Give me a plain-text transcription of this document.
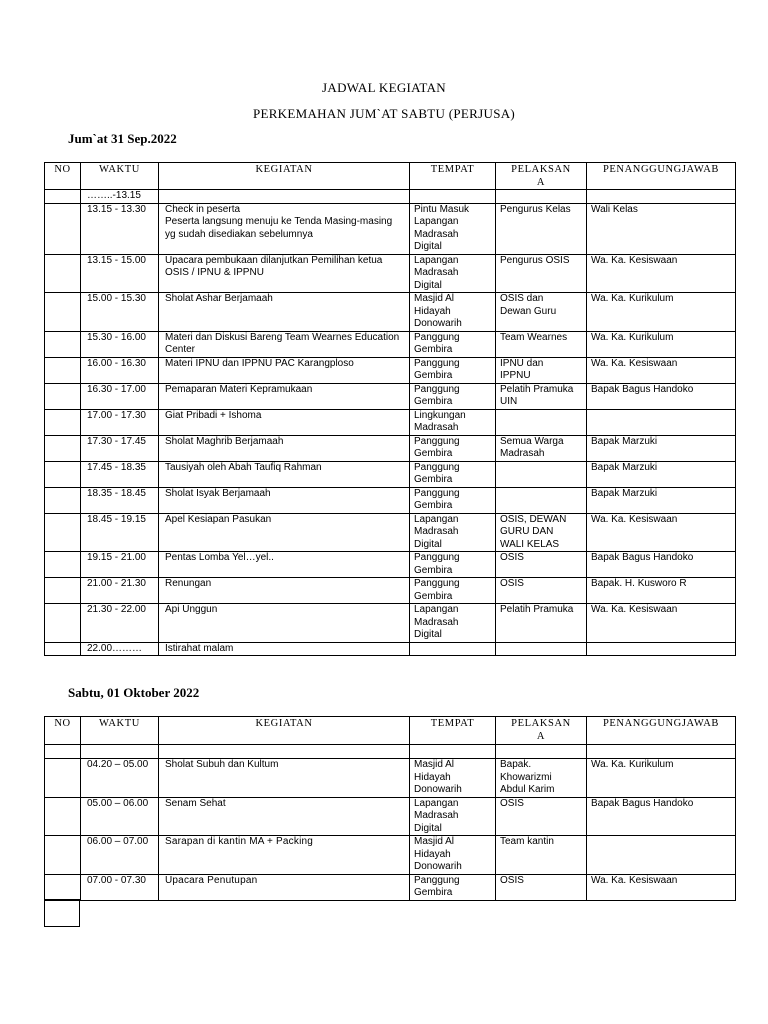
JADWAL KEGIATAN
PERKEMAHAN JUM`AT SABTU (PERJUSA)
Jum`at 31 Sep.2022
NO	WAKTU	KEGIATAN	TEMPAT	PELAKSAN
A	PENANGGUNGJAWAB
	……..-13.15				
	13.15 - 13.30	Check in peserta
Peserta langsung menuju ke Tenda Masing-masing yg sudah disediakan sebelumnya	Pintu Masuk
Lapangan
Madrasah
Digital	Pengurus Kelas	Wali Kelas
	13.15 - 15.00	Upacara pembukaan dilanjutkan Pemilihan ketua OSIS / IPNU & IPPNU	Lapangan
Madrasah
Digital	Pengurus OSIS	Wa. Ka. Kesiswaan
	15.00 - 15.30	Sholat Ashar Berjamaah	Masjid Al
Hidayah
Donowarih	OSIS dan
Dewan Guru	Wa. Ka. Kurikulum
	15.30 - 16.00	Materi dan Diskusi Bareng Team Wearnes Education Center	Panggung
Gembira	Team Wearnes	Wa. Ka. Kurikulum
	16.00 - 16.30	Materi IPNU dan IPPNU PAC Karangploso	Panggung
Gembira	IPNU dan
IPPNU	Wa. Ka. Kesiswaan
	16.30 - 17.00	Pemaparan Materi Kepramukaan	Panggung
Gembira	Pelatih Pramuka
UIN	Bapak Bagus Handoko
	17.00 - 17.30	Giat Pribadi + Ishoma	Lingkungan
Madrasah		
	17.30 - 17.45	Sholat Maghrib Berjamaah	Panggung
Gembira	Semua Warga
Madrasah	Bapak Marzuki
	17.45 - 18.35	Tausiyah oleh Abah Taufiq Rahman	Panggung
Gembira		Bapak Marzuki
	18.35 - 18.45	Sholat Isyak Berjamaah	Panggung
Gembira		Bapak Marzuki
	18.45 - 19.15	Apel Kesiapan Pasukan	Lapangan
Madrasah
Digital	OSIS, DEWAN
GURU DAN
WALI KELAS	Wa. Ka. Kesiswaan
	19.15 - 21.00	Pentas Lomba Yel…yel..	Panggung
Gembira	OSIS	Bapak Bagus Handoko
	21.00 - 21.30	Renungan	Panggung
Gembira	OSIS	Bapak. H. Kusworo R
	21.30 - 22.00	Api Unggun	Lapangan
Madrasah
Digital	Pelatih Pramuka	Wa. Ka. Kesiswaan
	22.00………	Istirahat malam			
Sabtu, 01 Oktober 2022
NO	WAKTU	KEGIATAN	TEMPAT	PELAKSAN
A	PENANGGUNGJAWAB

	04.20 – 05.00	Sholat Subuh dan Kultum	Masjid Al
Hidayah
Donowarih	Bapak.
Khowarizmi
Abdul Karim	Wa. Ka. Kurikulum
	05.00 – 06.00	Senam Sehat	Lapangan
Madrasah
Digital	OSIS	Bapak Bagus Handoko
	06.00 – 07.00	Sarapan di kantin MA + Packing	Masjid Al
Hidayah
Donowarih	Team kantin	
	07.00 - 07.30	Upacara Penutupan	Panggung
Gembira	OSIS	Wa. Ka. Kesiswaan
